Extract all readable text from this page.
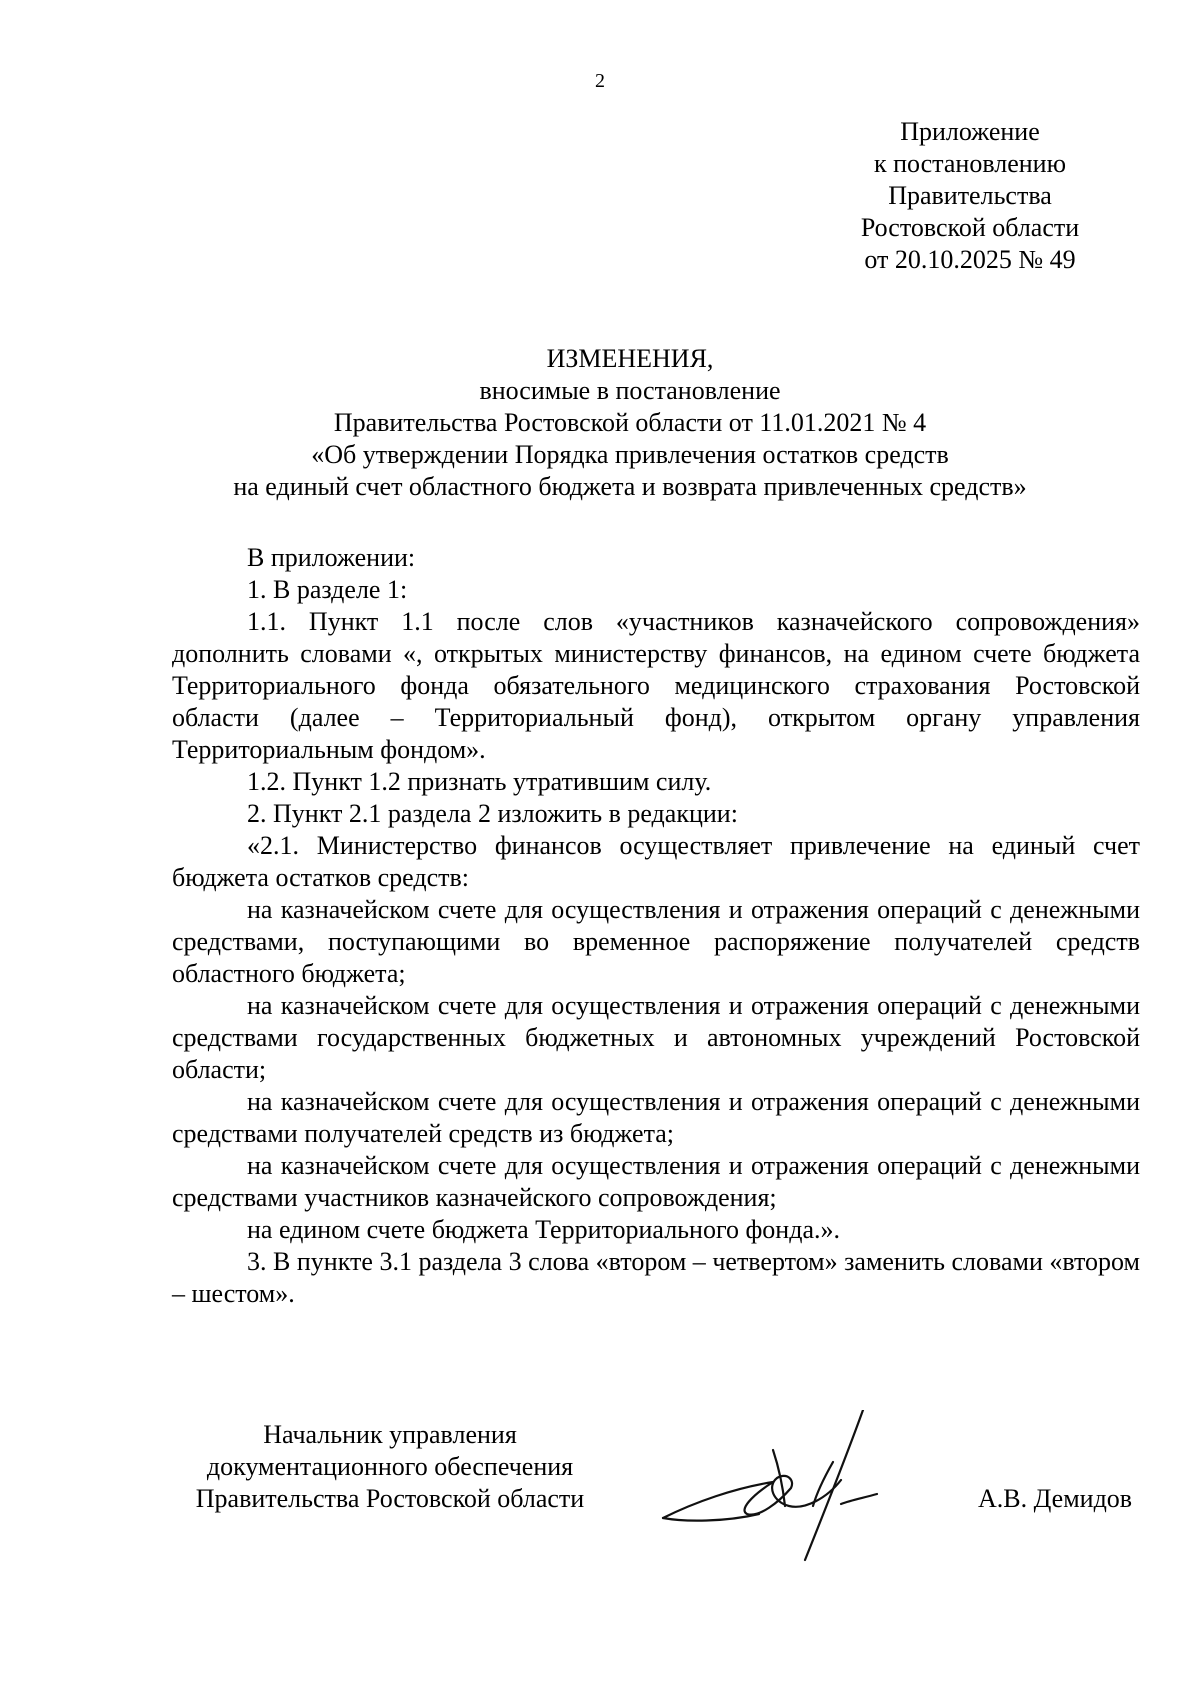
2
Приложение
к постановлению
Правительства
Ростовской области
от 20.10.2025 № 49
ИЗМЕНЕНИЯ,
вносимые в постановление
Правительства Ростовской области от 11.01.2021 № 4
«Об утверждении Порядка привлечения остатков средств
на единый счет областного бюджета и возврата привлеченных средств»

В приложении:

1. В разделе 1:

1.1. Пункт 1.1 после слов «участников казначейского сопровождения» дополнить словами «, открытых министерству финансов, на едином счете бюджета Территориального фонда обязательного медицинского страхования Ростовской области (далее – Территориальный фонд), открытом органу управления Территориальным фондом».

1.2. Пункт 1.2 признать утратившим силу.

2. Пункт 2.1 раздела 2 изложить в редакции:

«2.1. Министерство финансов осуществляет привлечение на единый счет бюджета остатков средств:

на казначейском счете для осуществления и отражения операций с денежными средствами, поступающими во временное распоряжение получателей средств областного бюджета;

на казначейском счете для осуществления и отражения операций с денежными средствами государственных бюджетных и автономных учреждений Ростовской области;

на казначейском счете для осуществления и отражения операций с денежными средствами получателей средств из бюджета;

на казначейском счете для осуществления и отражения операций с денежными средствами участников казначейского сопровождения;

на едином счете бюджета Территориального фонда.».

3. В пункте 3.1 раздела 3 слова «втором – четвертом» заменить словами «втором – шестом».

Начальник управления
документационного обеспечения
Правительства Ростовской области	А.В. Демидов
